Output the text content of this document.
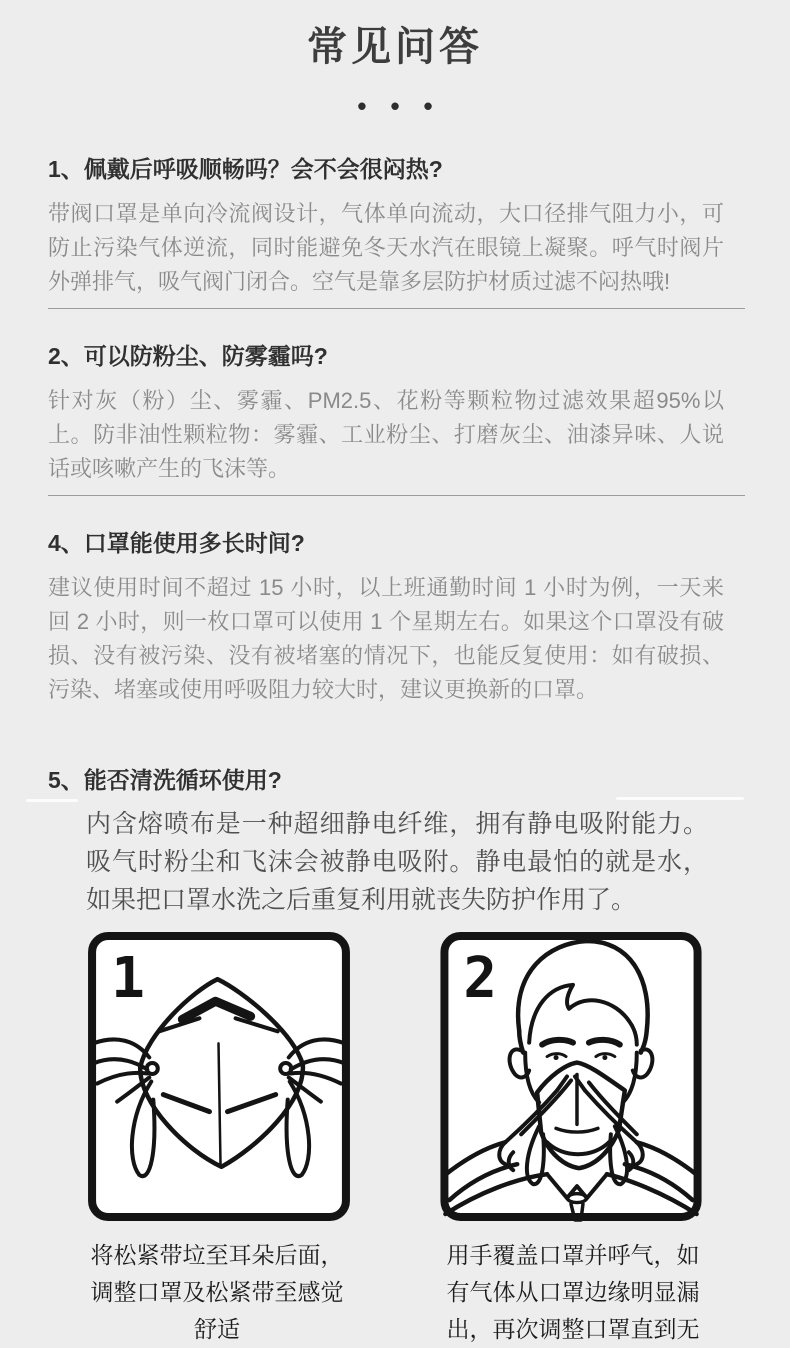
常见问答
•••
1、佩戴后呼吸顺畅吗？会不会很闷热?
带阀口罩是单向冷流阀设计，气体单向流动，大口径排气阻力小，可防止污染气体逆流，同时能避免冬天水汽在眼镜上凝聚。呼气时阀片外弹排气，吸气阀门闭合。空气是靠多层防护材质过滤不闷热哦!
2、可以防粉尘、防雾霾吗?
针对灰（粉）尘、雾霾、PM2.5、花粉等颗粒物过滤效果超95%以上。防非油性颗粒物：雾霾、工业粉尘、打磨灰尘、油漆异味、人说话或咳嗽产生的飞沫等。
4、口罩能使用多长时间?
建议使用时间不超过 15 小时，以上班通勤时间 1 小时为例，一天来回 2 小时，则一枚口罩可以使用 1 个星期左右。如果这个口罩没有破损、没有被污染、没有被堵塞的情况下，也能反复使用：如有破损、污染、堵塞或使用呼吸阻力较大时，建议更换新的口罩。
5、能否清洗循环使用?
内含熔喷布是一种超细静电纤维，拥有静电吸附能力。吸气时粉尘和飞沫会被静电吸附。静电最怕的就是水，如果把口罩水洗之后重复利用就丧失防护作用了。
1	2
将松紧带垃至耳朵后面，调整口罩及松紧带至感觉舒适
用手覆盖口罩并呼气，如有气体从口罩边缘明显漏出，再次调整口罩直到无
